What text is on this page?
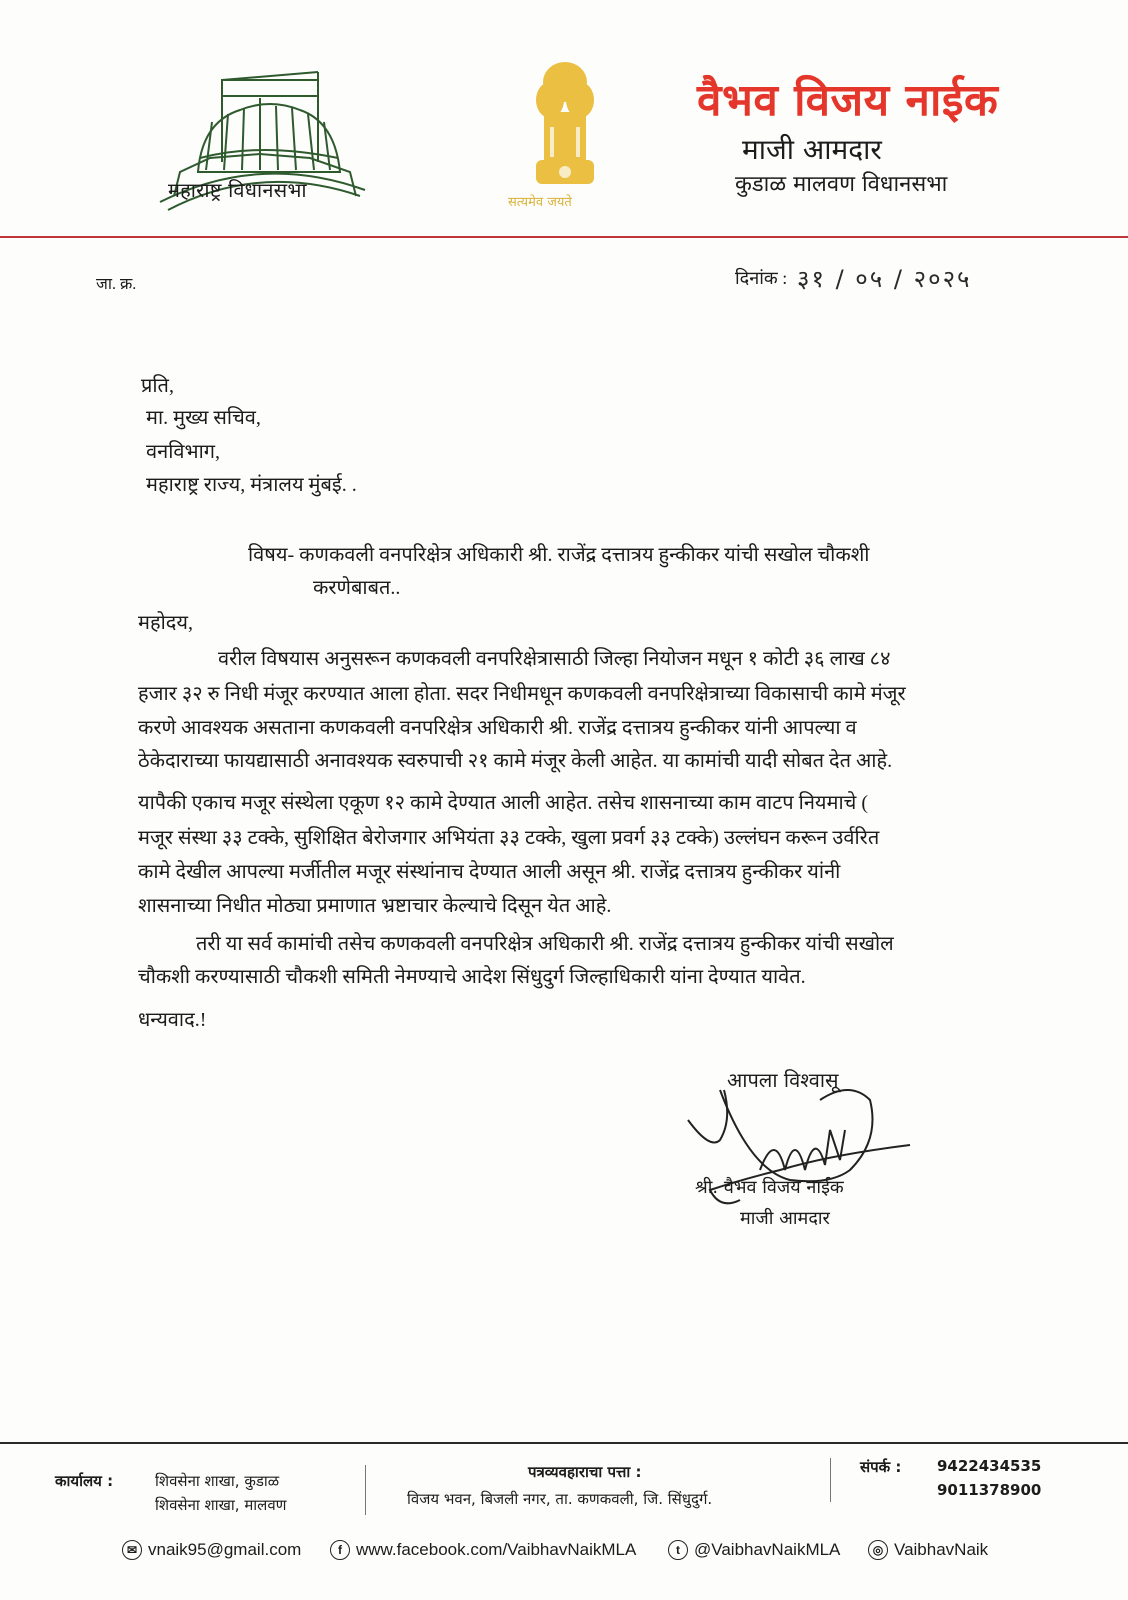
महाराष्ट्र विधानसभा
सत्यमेव जयते
वैभव विजय नाईक
माजी आमदार
कुडाळ मालवण विधानसभा
जा. क्र.	दिनांक : ३१ / ०५ / २०२५
प्रति,
मा. मुख्य सचिव,
वनविभाग,
महाराष्ट्र राज्य, मंत्रालय मुंबई. .
विषय- कणकवली वनपरिक्षेत्र अधिकारी श्री. राजेंद्र दत्तात्रय हुन्कीकर यांची सखोल चौकशी
करणेबाबत..
महोदय,
वरील विषयास अनुसरून कणकवली वनपरिक्षेत्रासाठी जिल्हा नियोजन मधून १ कोटी ३६ लाख ८४
हजार ३२ रु निधी मंजूर करण्यात आला होता. सदर निधीमधून कणकवली वनपरिक्षेत्राच्या विकासाची कामे मंजूर
करणे आवश्यक असताना कणकवली वनपरिक्षेत्र अधिकारी श्री. राजेंद्र दत्तात्रय हुन्कीकर यांनी आपल्या व
ठेकेदाराच्या फायद्यासाठी अनावश्यक स्वरुपाची २१ कामे मंजूर केली आहेत. या कामांची यादी सोबत देत आहे.
यापैकी एकाच मजूर संस्थेला एकूण १२ कामे देण्यात आली आहेत. तसेच शासनाच्या काम वाटप नियमाचे (
मजूर संस्था ३३ टक्के, सुशिक्षित बेरोजगार अभियंता ३३ टक्के, खुला प्रवर्ग ३३ टक्के) उल्लंघन करून उर्वरित
कामे देखील आपल्या मर्जीतील मजूर संस्थांनाच देण्यात आली असून श्री. राजेंद्र दत्तात्रय हुन्कीकर यांनी
शासनाच्या निधीत मोठ्या प्रमाणात भ्रष्टाचार केल्याचे दिसून येत आहे.
तरी या सर्व कामांची तसेच कणकवली वनपरिक्षेत्र अधिकारी श्री. राजेंद्र दत्तात्रय हुन्कीकर यांची सखोल
चौकशी करण्यासाठी चौकशी समिती नेमण्याचे आदेश सिंधुदुर्ग जिल्हाधिकारी यांना देण्यात यावेत.
धन्यवाद.!
आपला विश्वासू
श्री. वैभव विजय नाईक
माजी आमदार
कार्यालय :	शिवसेना शाखा, कुडाळ
शिवसेना शाखा, मालवण
पत्रव्यवहाराचा पत्ता :
विजय भवन, बिजली नगर, ता. कणकवली, जि. सिंधुदुर्ग.
संपर्क : 9422434535
9011378900
✉ vnaik95@gmail.com	f www.facebook.com/VaibhavNaikMLA	t @VaibhavNaikMLA	◎ VaibhavNaik
